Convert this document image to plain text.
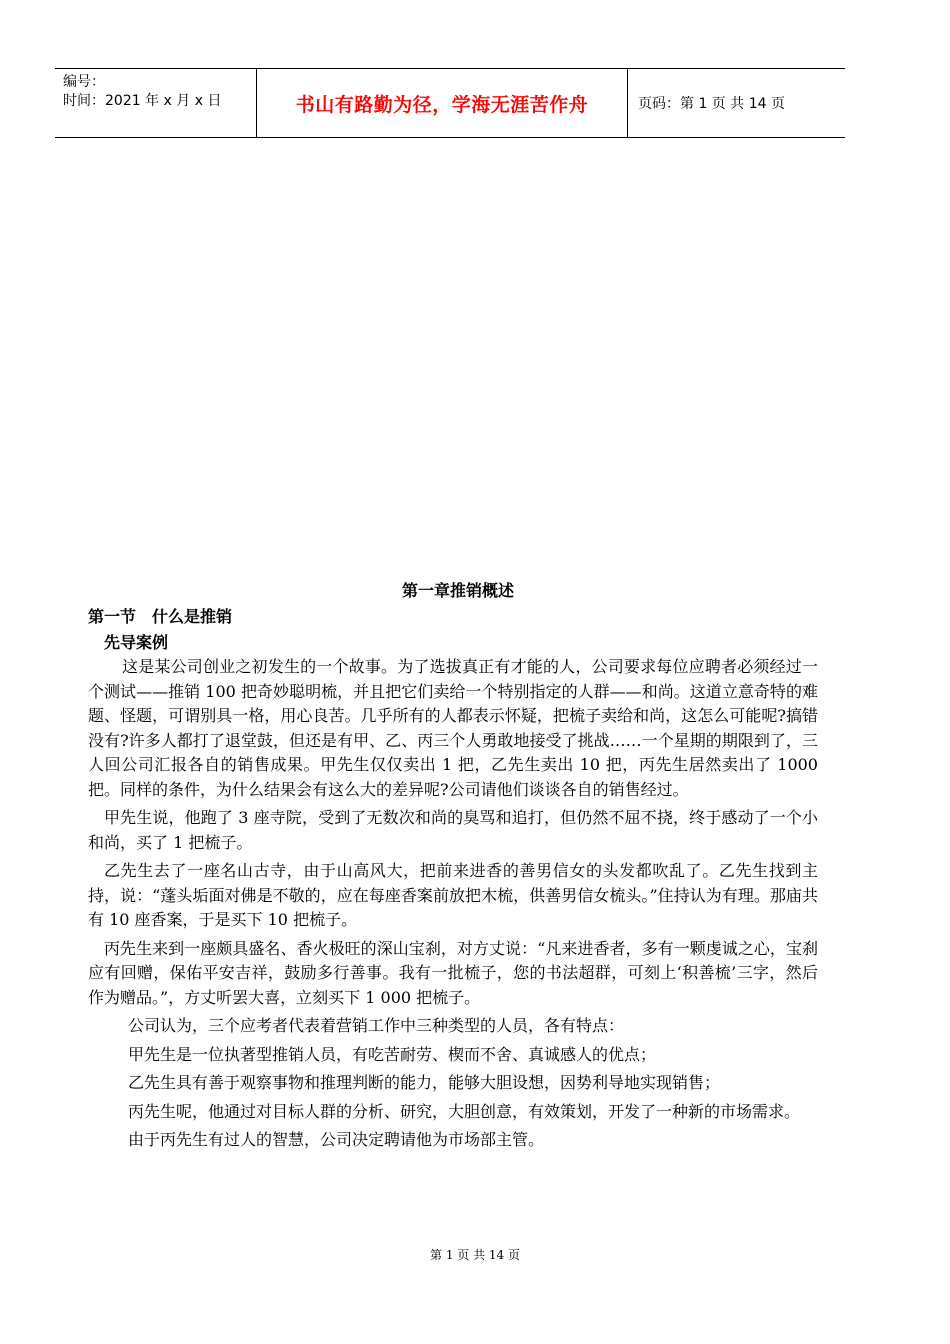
编号：
时间：2021 年 x 月 x 日	书山有路勤为径，学海无涯苦作舟	页码：第 1 页 共 14 页
第一章推销概述
第一节　什么是推销
先导案例

这是某公司创业之初发生的一个故事。为了选拔真正有才能的人，公司要求每位应聘者必须经过一个测试——推销 100 把奇妙聪明梳，并且把它们卖给一个特别指定的人群——和尚。这道立意奇特的难题、怪题，可谓别具一格，用心良苦。几乎所有的人都表示怀疑，把梳子卖给和尚，这怎么可能呢?搞错没有?许多人都打了退堂鼓，但还是有甲、乙、丙三个人勇敢地接受了挑战……一个星期的期限到了，三人回公司汇报各自的销售成果。甲先生仅仅卖出 1 把，乙先生卖出 10 把，丙先生居然卖出了 1000 把。同样的条件，为什么结果会有这么大的差异呢?公司请他们谈谈各自的销售经过。

甲先生说，他跑了 3 座寺院，受到了无数次和尚的臭骂和追打，但仍然不屈不挠，终于感动了一个小和尚，买了 1 把梳子。

乙先生去了一座名山古寺，由于山高风大，把前来进香的善男信女的头发都吹乱了。乙先生找到主持，说：“蓬头垢面对佛是不敬的，应在每座香案前放把木梳，供善男信女梳头。”住持认为有理。那庙共有 10 座香案，于是买下 10 把梳子。

丙先生来到一座颇具盛名、香火极旺的深山宝刹，对方丈说：“凡来进香者，多有一颗虔诚之心，宝刹应有回赠，保佑平安吉祥，鼓励多行善事。我有一批梳子，您的书法超群，可刻上‘积善梳’三字，然后作为赠品。”，方丈听罢大喜，立刻买下 1 000 把梳子。

公司认为，三个应考者代表着营销工作中三种类型的人员，各有特点：

甲先生是一位执著型推销人员，有吃苦耐劳、楔而不舍、真诚感人的优点；

乙先生具有善于观察事物和推理判断的能力，能够大胆设想，因势利导地实现销售；

丙先生呢，他通过对目标人群的分析、研究，大胆创意，有效策划，开发了一种新的市场需求。

由于丙先生有过人的智慧，公司决定聘请他为市场部主管。

第 1 页 共 14 页
